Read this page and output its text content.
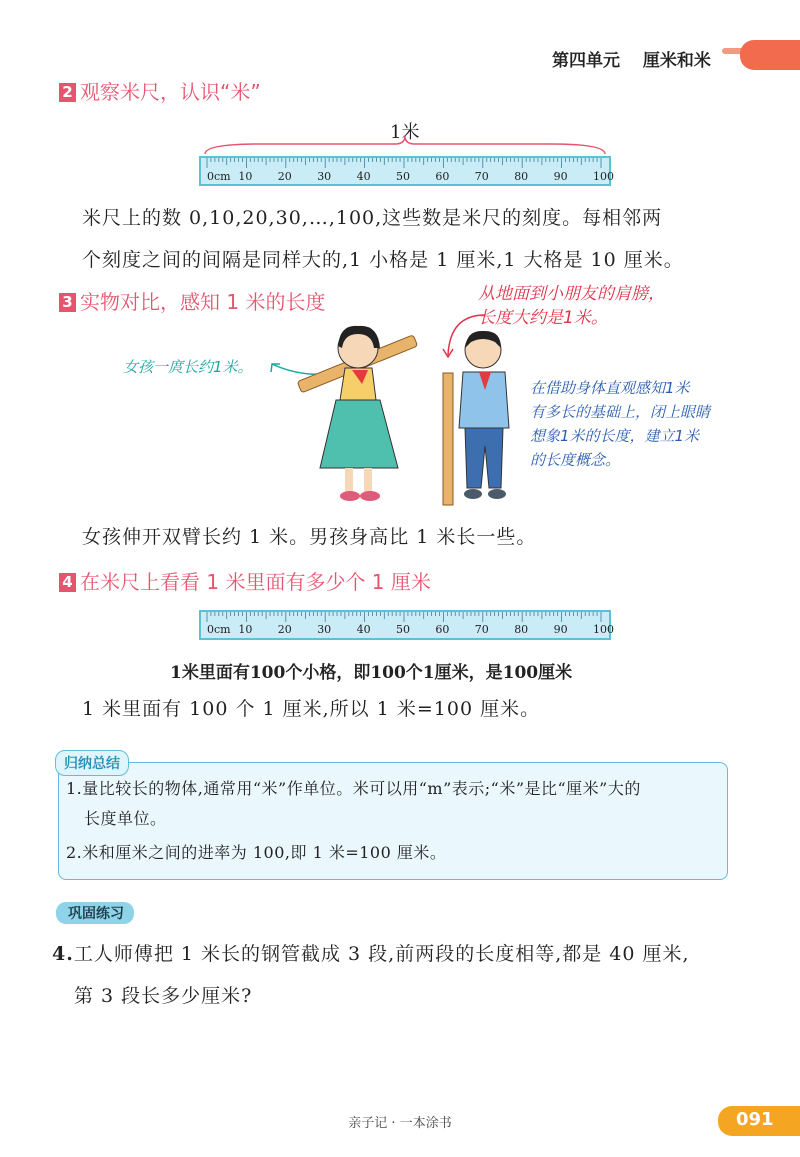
第四单元　 厘米和米
2 观察米尺，认识“米”
1米
0cm 10 20 30 40 50 60 70 80 90 100
米尺上的数 0,10,20,30,…,100,这些数是米尺的刻度。每相邻两
个刻度之间的间隔是同样大的,1 小格是 1 厘米,1 大格是 10 厘米。
3 实物对比，感知 1 米的长度	从地面到小朋友的肩膀，
长度大约是1米。
女孩一庹长约1米。
在借助身体直观感知1米
有多长的基础上，闭上眼睛
想象1米的长度，建立1米
的长度概念。
女孩伸开双臂长约 1 米。男孩身高比 1 米长一些。
4 在米尺上看看 1 米里面有多少个 1 厘米
0cm 10 20 30 40 50 60 70 80 90 100
1米里面有100个小格，即100个1厘米，是100厘米
1 米里面有 100 个 1 厘米,所以 1 米=100 厘米。
归纳总结
1.量比较长的物体,通常用“米”作单位。米可以用“m”表示;“米”是比“厘米”大的
长度单位。
2.米和厘米之间的进率为 100,即 1 米=100 厘米。
巩固练习
4.工人师傅把 1 米长的钢管截成 3 段,前两段的长度相等,都是 40 厘米,
第 3 段长多少厘米?
亲子记 · 一本涂书	091
